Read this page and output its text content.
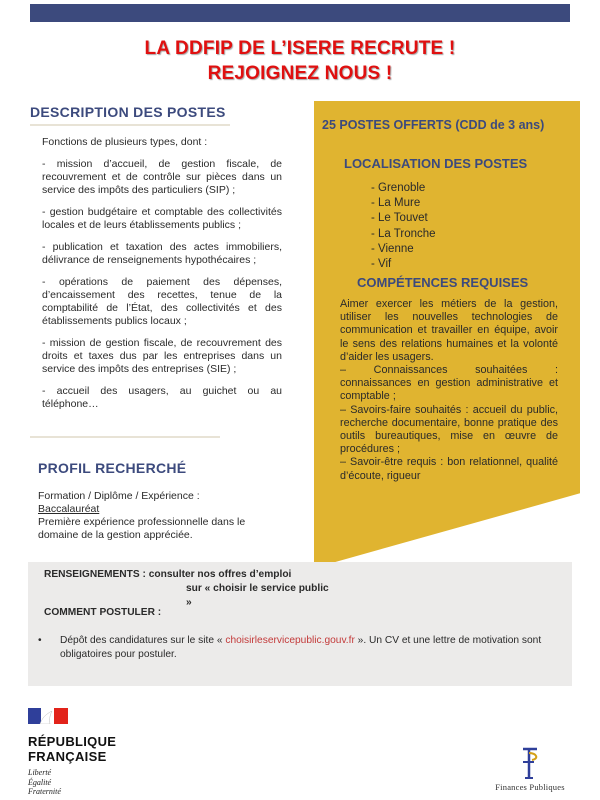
LA DDFIP DE L’ISERE RECRUTE !
REJOIGNEZ NOUS !
DESCRIPTION DES POSTES
Fonctions de plusieurs types, dont :
- mission d’accueil, de gestion fiscale, de recouvrement et de contrôle sur pièces dans un service des impôts des particuliers (SIP) ;
- gestion budgétaire et comptable des collectivités locales et de leurs établissements publics ;
- publication et taxation des actes immobiliers, délivrance de renseignements hypothécaires ;
- opérations de paiement des dépenses, d’encaissement des recettes, tenue de la comptabilité de l’État, des collectivités et des établissements publics locaux ;
- mission de gestion fiscale, de recouvrement des droits et taxes dus par les entreprises dans un service des impôts des entreprises (SIE) ;
- accueil des usagers, au guichet ou au téléphone…
PROFIL RECHERCHÉ
Formation / Diplôme / Expérience :
Baccalauréat
Première expérience professionnelle dans le domaine de la gestion appréciée.
25 POSTES OFFERTS (CDD de 3 ans)
LOCALISATION DES POSTES
- Grenoble
- La Mure
- Le Touvet
- La Tronche
- Vienne
- Vif
COMPÉTENCES REQUISES

Aimer exercer les métiers de la gestion, utiliser les nouvelles technologies de communication et travailler en équipe, avoir le sens des relations humaines et la volonté d’aider les usagers.

– Connaissances souhaitées : connaissances en gestion administrative et comptable ;

– Savoirs-faire souhaités : accueil du public, recherche documentaire, bonne pratique des outils bureautiques, mise en œuvre de procédures ;

– Savoir-être requis : bon relationnel, qualité d’écoute, rigueur

RENSEIGNEMENTS : consulter nos offres d’emploi
sur « choisir le service public »
COMMENT POSTULER :
•	Dépôt des candidatures sur le site « choisirleservicepublic.gouv.fr ». Un CV et une lettre de motivation sont obligatoires pour postuler.
RÉPUBLIQUE
FRANÇAISE
Liberté
Égalité
Fraternité	Finances Publiques
